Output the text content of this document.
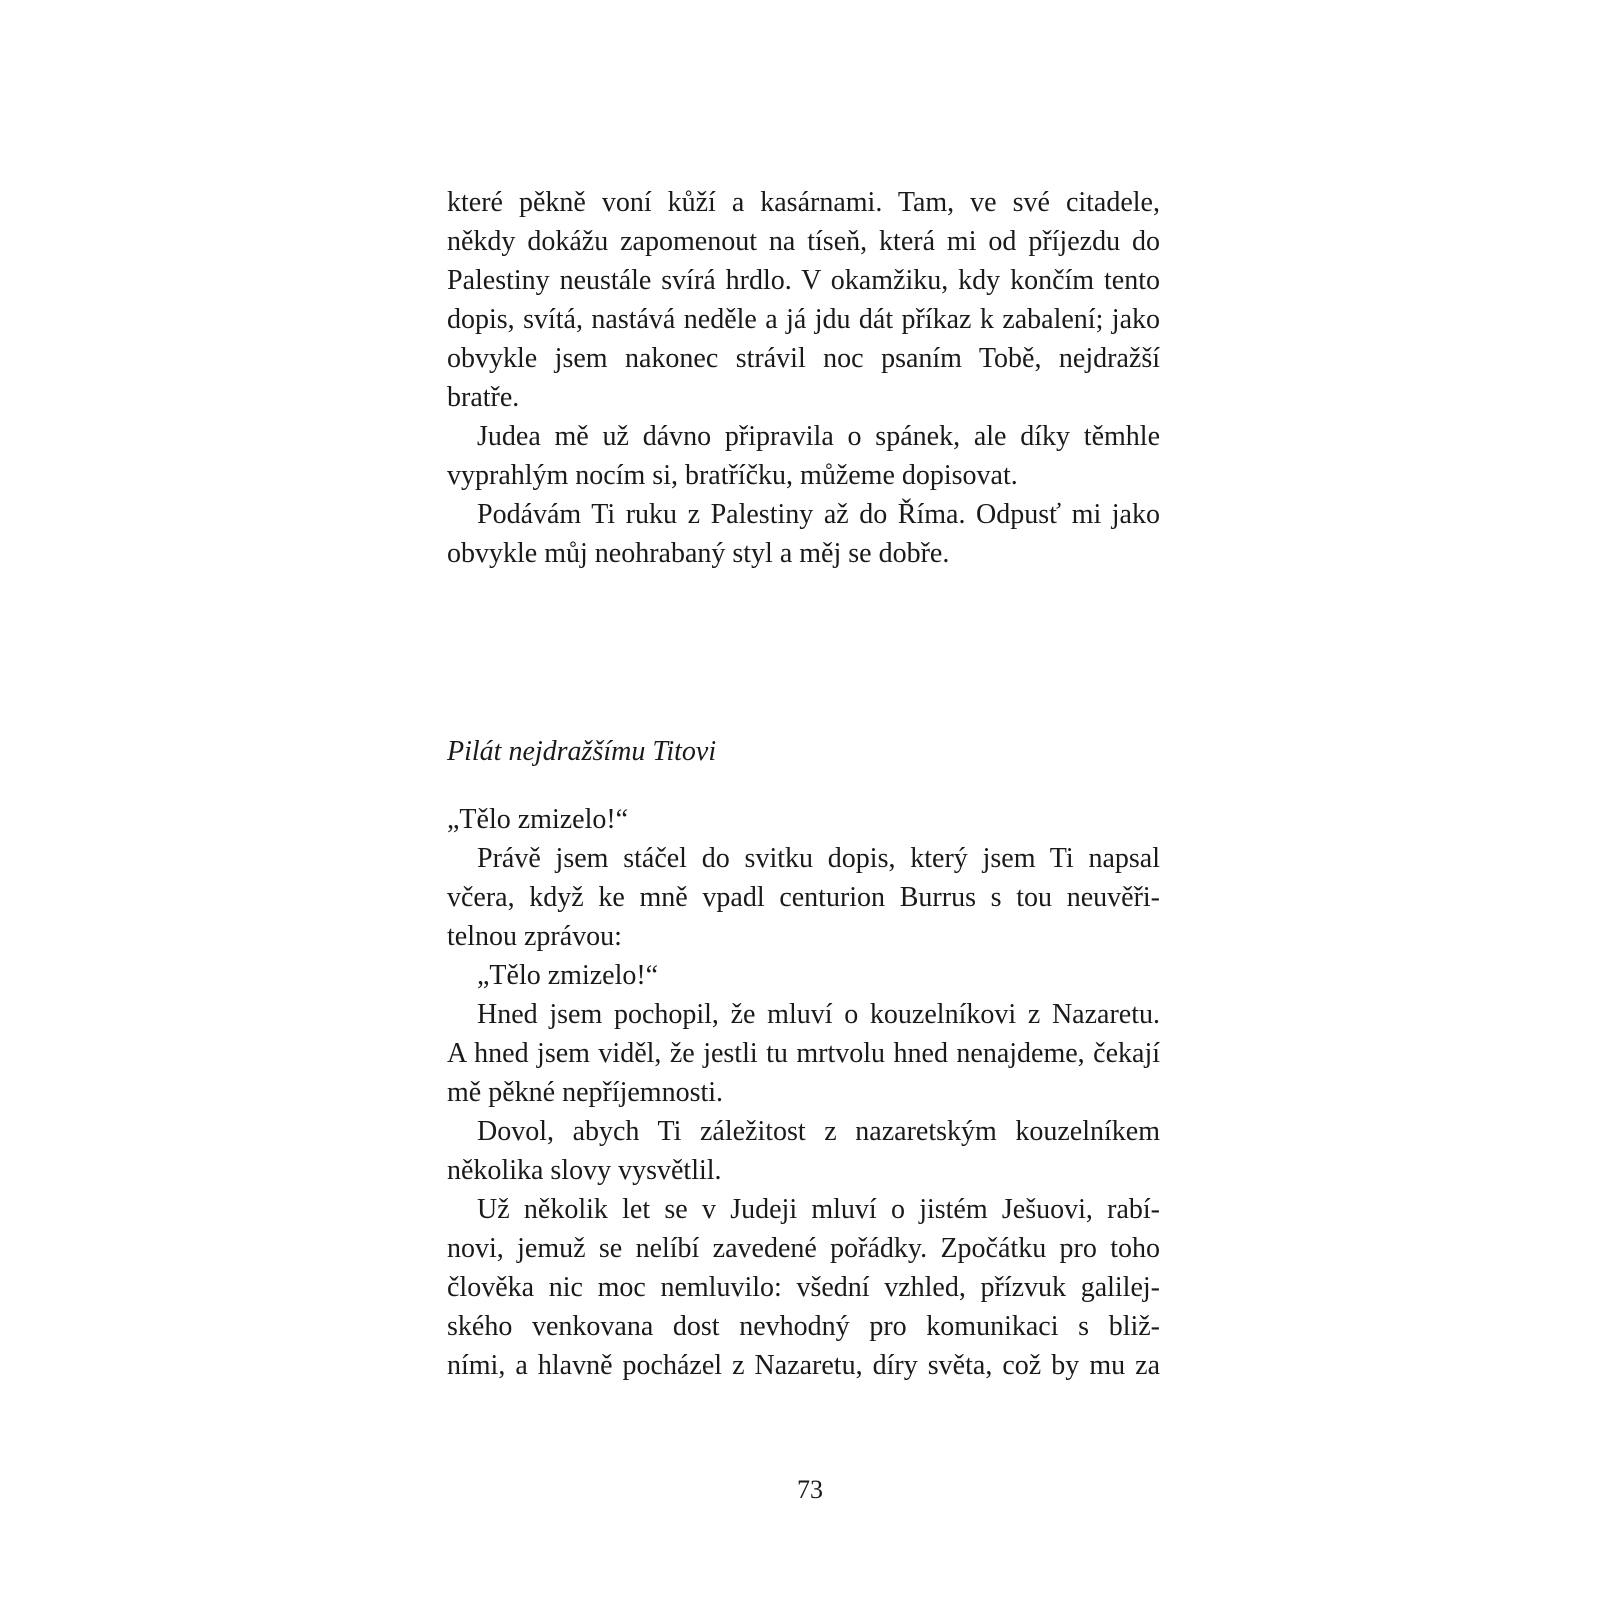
které pěkně voní kůží a kasárnami. Tam, ve své citadele,
někdy dokážu zapomenout na tíseň, která mi od příjezdu do
Palestiny neustále svírá hrdlo. V okamžiku, kdy končím tento
dopis, svítá, nastává neděle a já jdu dát příkaz k zabalení; jako
obvykle jsem nakonec strávil noc psaním Tobě, nejdražší
bratře.
Judea mě už dávno připravila o spánek, ale díky těmhle
vyprahlým nocím si, bratříčku, můžeme dopisovat.
Podávám Ti ruku z Palestiny až do Říma. Odpusť mi jako
obvykle můj neohrabaný styl a měj se dobře.
Pilát nejdražšímu Titovi
„Tělo zmizelo!“
Právě jsem stáčel do svitku dopis, který jsem Ti napsal
včera, když ke mně vpadl centurion Burrus s tou neuvěři-
telnou zprávou:
„Tělo zmizelo!“
Hned jsem pochopil, že mluví o kouzelníkovi z Nazaretu.
A hned jsem viděl, že jestli tu mrtvolu hned nenajdeme, čekají
mě pěkné nepříjemnosti.
Dovol, abych Ti záležitost z nazaretským kouzelníkem
několika slovy vysvětlil.
Už několik let se v Judeji mluví o jistém Ješuovi, rabí-
novi, jemuž se nelíbí zavedené pořádky. Zpočátku pro toho
člověka nic moc nemluvilo: všední vzhled, přízvuk galilej-
ského venkovana dost nevhodný pro komunikaci s bliž-
ními, a hlavně pocházel z Nazaretu, díry světa, což by mu za
73
